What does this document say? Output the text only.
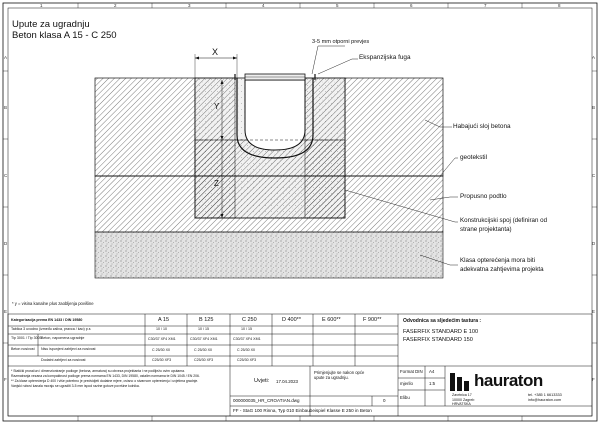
Upute za ugradnju
Beton klasa A 15 - C 250
A
B
C
D
E
F
A
B
C
D
E
F
1	2	3	4	5	6	7	8
X
Y
Z
3-5 mm otporni prevjes
Ekspanzijska fuga
Habajući sloj betona
geotekstil
Propusno podtlo
Konstrukcijski spoj (definiran od
strane projektanta)
Klasa opterećenja mora biti
adekvatna zahtjevima projekta
* y = visina kanalne plus zaobljenja povišine
Kategorizacija prema EN 1433 / DIN 19580	A 15	B 125	C 250	D 400**	E 600**	F 900**
Tablica 3 uvodno (između zaliva, pravca / kao) p.s	10 / 10	10 / 15	10 / 15
Tip 3001 / Tip 3005 Beton, napomena ugradnje	C30/37 XF4 XM1	C30/37 XF4 XM1	C30/37 XF4 XM1
Beton nosivost Nisu ispunjeni zahtjevi za nosivost	C 25/30 X0	C 25/30 X0	C 25/30 X0
Dodatni zahtjevi za nosivost	C25/30 XF3	C25/30 XF3	C25/30 XF3
Odvodnica sa sljedećim tastura :
FASERFIX STANDARD E 100
FASERFIX STANDARD 150
* Statički proračun i dimenzioniranje podloge (betona, armatura) su obveza projektanta i ne podliježu ovim uputama.
Razmatranja vezana za kompaktnost podloge prema normama EN 1433, DIN 19580, ostalim normama te DIN 1045 / EN 206.
** Za klase opterećenja D 400 i više potrebno je predvidjeti dodatne mjere, ovisno o stvarnom opterećenju i uvjetima gradnje.
Vanjski rubovi kanala moraju se ugraditi 3-5 mm ispod razine gotove površine kolnika.
Uvjeti: 17.04.2023
Primjenjujte se nakon opće upute za ugradnju.
000000035_HR_CROATIAN.dwg	0
FF - StaG 100 Rinna, Typ 010 Einbaubeispiel Klasse E 250 in Beton
Format DIN A4
mjerilo	1:5
Elibu
hauraton
Zavrtnica 17
10000 Zagreb
HRVATSKA
tel. +385 1 6613333
info@hauraton.com
